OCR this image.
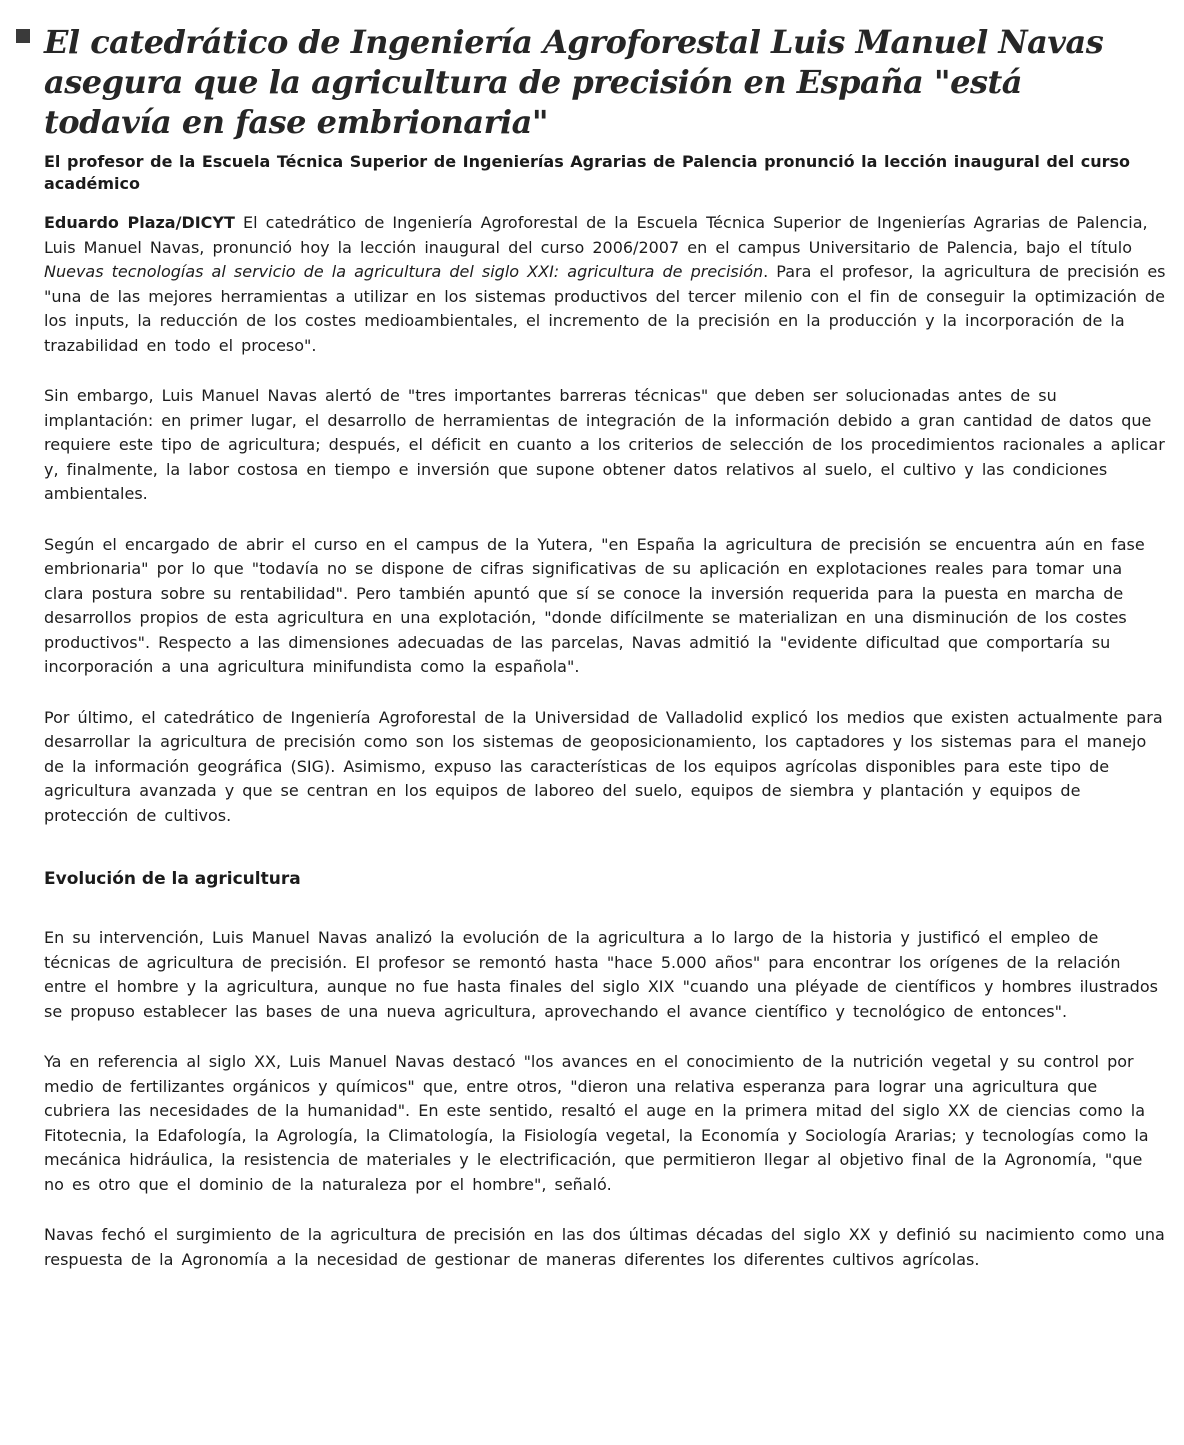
El catedrático de Ingeniería Agroforestal Luis Manuel Navas
asegura que la agricultura de precisión en España "está
todavía en fase embrionaria"

El profesor de la Escuela Técnica Superior de Ingenierías Agrarias de Palencia pronunció la lección inaugural del curso académico

Eduardo Plaza/DICYT El catedrático de Ingeniería Agroforestal de la Escuela Técnica Superior de Ingenierías Agrarias de Palencia, Luis Manuel Navas, pronunció hoy la lección inaugural del curso 2006/2007 en el campus Universitario de Palencia, bajo el título Nuevas tecnologías al servicio de la agricultura del siglo XXI: agricultura de precisión. Para el profesor, la agricultura de precisión es "una de las mejores herramientas a utilizar en los sistemas productivos del tercer milenio con el fin de conseguir la optimización de los inputs, la reducción de los costes medioambientales, el incremento de la precisión en la producción y la incorporación de la trazabilidad en todo el proceso".

Sin embargo, Luis Manuel Navas alertó de "tres importantes barreras técnicas" que deben ser solucionadas antes de su implantación: en primer lugar, el desarrollo de herramientas de integración de la información debido a gran cantidad de datos que requiere este tipo de agricultura; después, el déficit en cuanto a los criterios de selección de los procedimientos racionales a aplicar y, finalmente, la labor costosa en tiempo e inversión que supone obtener datos relativos al suelo, el cultivo y las condiciones ambientales.

Según el encargado de abrir el curso en el campus de la Yutera, "en España la agricultura de precisión se encuentra aún en fase embrionaria" por lo que "todavía no se dispone de cifras significativas de su aplicación en explotaciones reales para tomar una clara postura sobre su rentabilidad". Pero también apuntó que sí se conoce la inversión requerida para la puesta en marcha de desarrollos propios de esta agricultura en una explotación, "donde difícilmente se materializan en una disminución de los costes productivos". Respecto a las dimensiones adecuadas de las parcelas, Navas admitió la "evidente dificultad que comportaría su incorporación a una agricultura minifundista como la española".

Por último, el catedrático de Ingeniería Agroforestal de la Universidad de Valladolid explicó los medios que existen actualmente para desarrollar la agricultura de precisión como son los sistemas de geoposicionamiento, los captadores y los sistemas para el manejo de la información geográfica (SIG). Asimismo, expuso las características de los equipos agrícolas disponibles para este tipo de agricultura avanzada y que se centran en los equipos de laboreo del suelo, equipos de siembra y plantación y equipos de protección de cultivos.

Evolución de la agricultura

En su intervención, Luis Manuel Navas analizó la evolución de la agricultura a lo largo de la historia y justificó el empleo de técnicas de agricultura de precisión. El profesor se remontó hasta "hace 5.000 años" para encontrar los orígenes de la relación entre el hombre y la agricultura, aunque no fue hasta finales del siglo XIX "cuando una pléyade de científicos y hombres ilustrados se propuso establecer las bases de una nueva agricultura, aprovechando el avance científico y tecnológico de entonces".

Ya en referencia al siglo XX, Luis Manuel Navas destacó "los avances en el conocimiento de la nutrición vegetal y su control por medio de fertilizantes orgánicos y químicos" que, entre otros, "dieron una relativa esperanza para lograr una agricultura que cubriera las necesidades de la humanidad". En este sentido, resaltó el auge en la primera mitad del siglo XX de ciencias como la Fitotecnia, la Edafología, la Agrología, la Climatología, la Fisiología vegetal, la Economía y Sociología Ararias; y tecnologías como la mecánica hidráulica, la resistencia de materiales y le electrificación, que permitieron llegar al objetivo final de la Agronomía, "que no es otro que el dominio de la naturaleza por el hombre", señaló.

Navas fechó el surgimiento de la agricultura de precisión en las dos últimas décadas del siglo XX y definió su nacimiento como una respuesta de la Agronomía a la necesidad de gestionar de maneras diferentes los diferentes cultivos agrícolas.
